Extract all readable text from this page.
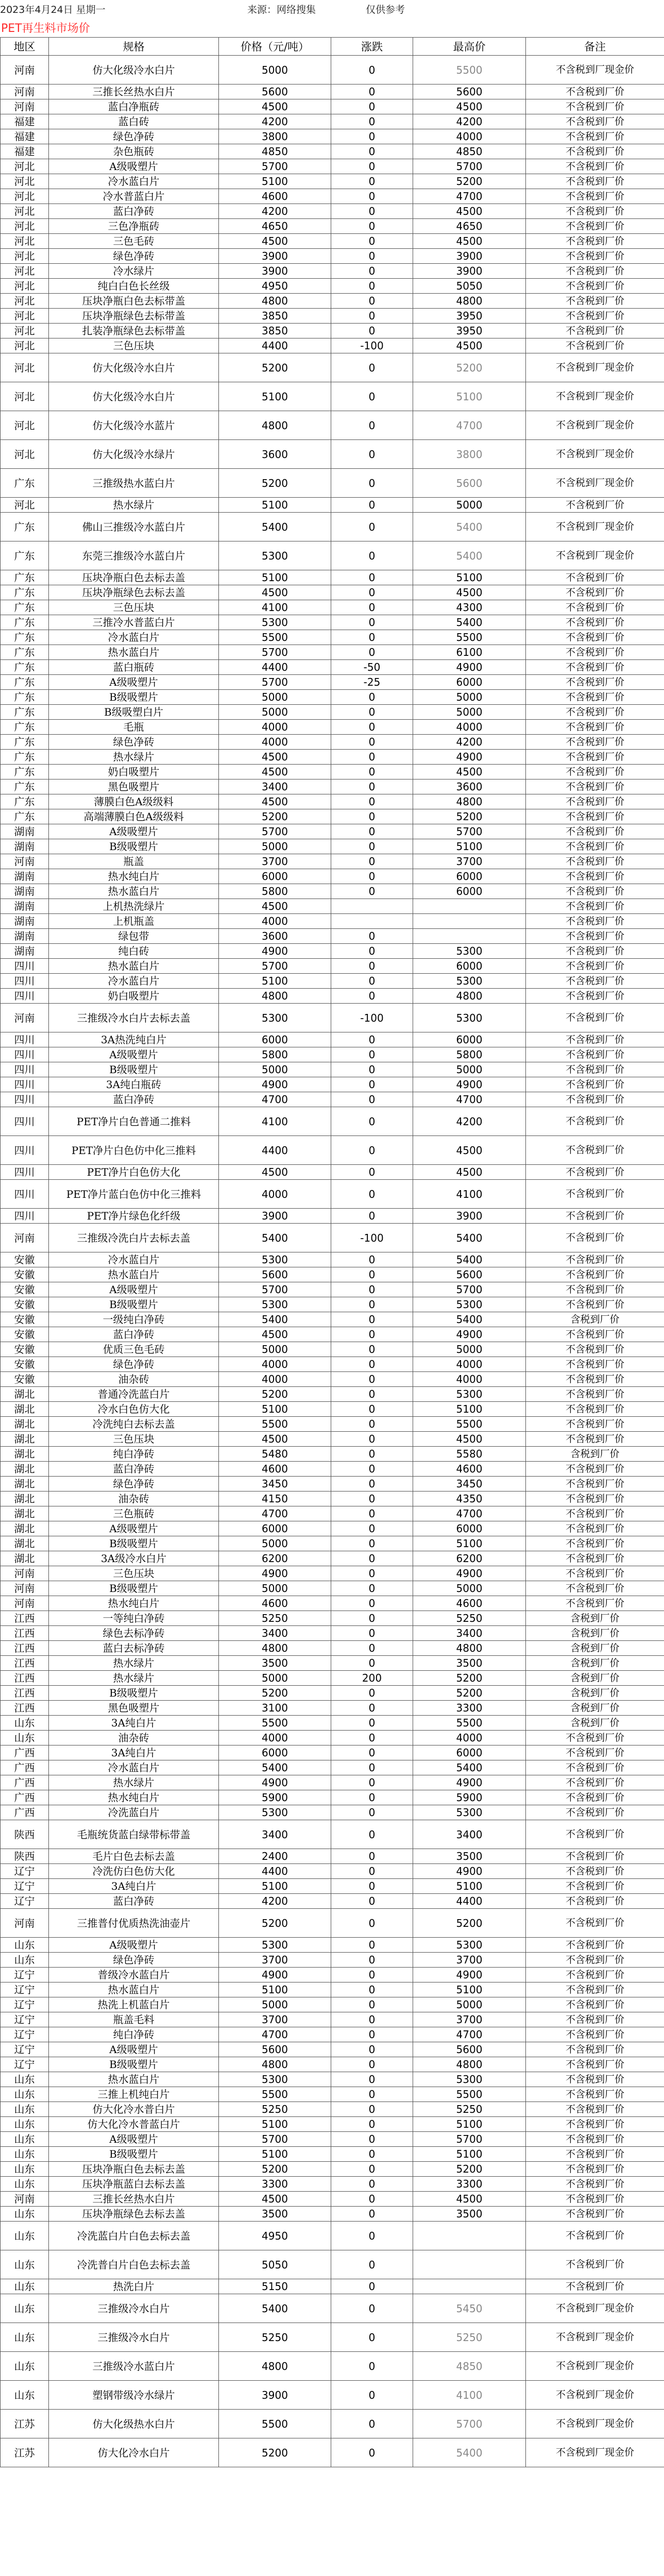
2023年4月24日 星期一	来源：网络搜集	仅供参考
PET再生料市场价
地区	规格	价格（元/吨）	涨跌	最高价	备注
河南	仿大化级冷水白片	5000	0	5500	不含税到厂现金价
河南	三推长丝热水白片	5600	0	5600	不含税到厂价
河南	蓝白净瓶砖	4500	0	4500	不含税到厂价
福建	蓝白砖	4200	0	4200	不含税到厂价
福建	绿色净砖	3800	0	4000	不含税到厂价
福建	杂色瓶砖	4850	0	4850	不含税到厂价
河北	A级吸塑片	5700	0	5700	不含税到厂价
河北	冷水蓝白片	5100	0	5200	不含税到厂价
河北	冷水普蓝白片	4600	0	4700	不含税到厂价
河北	蓝白净砖	4200	0	4500	不含税到厂价
河北	三色净瓶砖	4650	0	4650	不含税到厂价
河北	三色毛砖	4500	0	4500	不含税到厂价
河北	绿色净砖	3900	0	3900	不含税到厂价
河北	冷水绿片	3900	0	3900	不含税到厂价
河北	纯白白色长丝级	4950	0	5050	不含税到厂价
河北	压块净瓶白色去标带盖	4800	0	4800	不含税到厂价
河北	压块净瓶绿色去标带盖	3850	0	3950	不含税到厂价
河北	扎装净瓶绿色去标带盖	3850	0	3950	不含税到厂价
河北	三色压块	4400	-100	4500	不含税到厂价
河北	仿大化级冷水白片	5200	0	5200	不含税到厂现金价
河北	仿大化级冷水白片	5100	0	5100	不含税到厂现金价
河北	仿大化级冷水蓝片	4800	0	4700	不含税到厂现金价
河北	仿大化级冷水绿片	3600	0	3800	不含税到厂现金价
广东	三推级热水蓝白片	5200	0	5600	不含税到厂现金价
河北	热水绿片	5100	0	5000	不含税到厂价
广东	佛山三推级冷水蓝白片	5400	0	5400	不含税到厂现金价
广东	东莞三推级冷水蓝白片	5300	0	5400	不含税到厂现金价
广东	压块净瓶白色去标去盖	5100	0	5100	不含税到厂价
广东	压块净瓶绿色去标去盖	4500	0	4500	不含税到厂价
广东	三色压块	4100	0	4300	不含税到厂价
广东	三推冷水普蓝白片	5300	0	5400	不含税到厂价
广东	冷水蓝白片	5500	0	5500	不含税到厂价
广东	热水蓝白片	5700	0	6100	不含税到厂价
广东	蓝白瓶砖	4400	-50	4900	不含税到厂价
广东	A级吸塑片	5700	-25	6000	不含税到厂价
广东	B级吸塑片	5000	0	5000	不含税到厂价
广东	B级吸塑白片	5000	0	5000	不含税到厂价
广东	毛瓶	4000	0	4000	不含税到厂价
广东	绿色净砖	4000	0	4200	不含税到厂价
广东	热水绿片	4500	0	4900	不含税到厂价
广东	奶白吸塑片	4500	0	4500	不含税到厂价
广东	黑色吸塑片	3400	0	3600	不含税到厂价
广东	薄膜白色A级级料	4500	0	4800	不含税到厂价
广东	高端薄膜白色A级级料	5200	0	5200	不含税到厂价
湖南	A级吸塑片	5700	0	5700	不含税到厂价
湖南	B级吸塑片	5000	0	5100	不含税到厂价
河南	瓶盖	3700	0	3700	不含税到厂价
湖南	热水纯白片	6000	0	6000	不含税到厂价
湖南	热水蓝白片	5800	0	6000	不含税到厂价
湖南	上机热洗绿片	4500			不含税到厂价
湖南	上机瓶盖	4000			不含税到厂价
湖南	绿包带	3600	0		不含税到厂价
湖南	纯白砖	4900	0	5300	不含税到厂价
四川	热水蓝白片	5700	0	6000	不含税到厂价
四川	冷水蓝白片	5100	0	5300	不含税到厂价
四川	奶白吸塑片	4800	0	4800	不含税到厂价
河南	三推级冷水白片去标去盖	5300	-100	5300	不含税到厂价
四川	3A热洗纯白片	6000	0	6000	不含税到厂价
四川	A级吸塑片	5800	0	5800	不含税到厂价
四川	B级吸塑片	5000	0	5000	不含税到厂价
四川	3A纯白瓶砖	4900	0	4900	不含税到厂价
四川	蓝白净砖	4700	0	4700	不含税到厂价
四川	PET净片白色普通二推料	4100	0	4200	不含税到厂价
四川	PET净片白色仿中化三推料	4400	0	4500	不含税到厂价
四川	PET净片白色仿大化	4500	0	4500	不含税到厂价
四川	PET净片蓝白色仿中化三推料	4000	0	4100	不含税到厂价
四川	PET净片绿色化纤级	3900	0	3900	不含税到厂价
河南	三推级冷洗白片去标去盖	5400	-100	5400	不含税到厂价
安徽	冷水蓝白片	5300	0	5400	不含税到厂价
安徽	热水蓝白片	5600	0	5600	不含税到厂价
安徽	A级吸塑片	5700	0	5700	不含税到厂价
安徽	B级吸塑片	5300	0	5300	不含税到厂价
安徽	一级纯白净砖	5400	0	5400	含税到厂价
安徽	蓝白净砖	4500	0	4900	不含税到厂价
安徽	优质三色毛砖	5000	0	5000	不含税到厂价
安徽	绿色净砖	4000	0	4000	不含税到厂价
安徽	油杂砖	4000	0	4000	不含税到厂价
湖北	普通冷洗蓝白片	5200	0	5300	不含税到厂价
湖北	冷水白色仿大化	5100	0	5100	不含税到厂价
湖北	冷洗纯白去标去盖	5500	0	5500	不含税到厂价
湖北	三色压块	4500	0	4500	不含税到厂价
湖北	纯白净砖	5480	0	5580	含税到厂价
湖北	蓝白净砖	4600	0	4600	不含税到厂价
湖北	绿色净砖	3450	0	3450	不含税到厂价
湖北	油杂砖	4150	0	4350	不含税到厂价
湖北	三色瓶砖	4700	0	4700	不含税到厂价
湖北	A级吸塑片	6000	0	6000	不含税到厂价
湖北	B级吸塑片	5000	0	5100	不含税到厂价
湖北	3A级冷水白片	6200	0	6200	不含税到厂价
河南	三色压块	4900	0	4900	不含税到厂价
河南	B级吸塑片	5000	0	5000	不含税到厂价
河南	热水纯白片	4600	0	4600	不含税到厂价
江西	一等纯白净砖	5250	0	5250	含税到厂价
江西	绿色去标净砖	3400	0	3400	含税到厂价
江西	蓝白去标净砖	4800	0	4800	含税到厂价
江西	热水绿片	3500	0	3500	含税到厂价
江西	热水绿片	5000	200	5200	含税到厂价
江西	B级吸塑片	5200	0	5200	含税到厂价
江西	黑色吸塑片	3100	0	3300	含税到厂价
山东	3A纯白片	5500	0	5500	含税到厂价
山东	油杂砖	4000	0	4000	不含税到厂价
广西	3A纯白片	6000	0	6000	不含税到厂价
广西	冷水蓝白片	5400	0	5400	不含税到厂价
广西	热水绿片	4900	0	4900	不含税到厂价
广西	热水纯白片	5900	0	5900	不含税到厂价
广西	冷洗蓝白片	5300	0	5300	不含税到厂价
陕西	毛瓶统货蓝白绿带标带盖	3400	0	3400	不含税到厂价
陕西	毛片白色去标去盖	2400	0	3500	不含税到厂价
辽宁	冷洗仿白色仿大化	4400	0	4900	不含税到厂价
辽宁	3A纯白片	5100	0	5100	不含税到厂价
辽宁	蓝白净砖	4200	0	4400	不含税到厂价
河南	三推普付优质热洗油壶片	5200	0	5200	不含税到厂价
山东	A级吸塑片	5300	0	5300	不含税到厂价
山东	绿色净砖	3700	0	3700	不含税到厂价
辽宁	普级冷水蓝白片	4900	0	4900	不含税到厂价
辽宁	热水蓝白片	5100	0	5100	不含税到厂价
辽宁	热洗上机蓝白片	5000	0	5000	不含税到厂价
辽宁	瓶盖毛料	3700	0	3700	不含税到厂价
辽宁	纯白净砖	4700	0	4700	不含税到厂价
辽宁	A级吸塑片	5600	0	5600	不含税到厂价
辽宁	B级吸塑片	4800	0	4800	不含税到厂价
山东	热水蓝白片	5300	0	5300	不含税到厂价
山东	三推上机纯白片	5500	0	5500	不含税到厂价
山东	仿大化冷水普白片	5250	0	5250	不含税到厂价
山东	仿大化冷水普蓝白片	5100	0	5100	不含税到厂价
山东	A级吸塑片	5700	0	5700	不含税到厂价
山东	B级吸塑片	5100	0	5100	不含税到厂价
山东	压块净瓶白色去标去盖	5200	0	5200	不含税到厂价
山东	压块净瓶蓝白去标去盖	3300	0	3300	不含税到厂价
河南	三推长丝热水白片	4500	0	4500	不含税到厂价
山东	压块净瓶绿色去标去盖	3500	0	3500	不含税到厂价
山东	冷洗蓝白片白色去标去盖	4950	0		不含税到厂价
山东	冷洗普白片白色去标去盖	5050	0		不含税到厂价
山东	热洗白片	5150	0		不含税到厂价
山东	三推级冷水白片	5400	0	5450	不含税到厂现金价
山东	三推级冷水白片	5250	0	5250	不含税到厂现金价
山东	三推级冷水蓝白片	4800	0	4850	不含税到厂现金价
山东	塑钢带级冷水绿片	3900	0	4100	不含税到厂现金价
江苏	仿大化级热水白片	5500	0	5700	不含税到厂现金价
江苏	仿大化冷水白片	5200	0	5400	不含税到厂现金价
